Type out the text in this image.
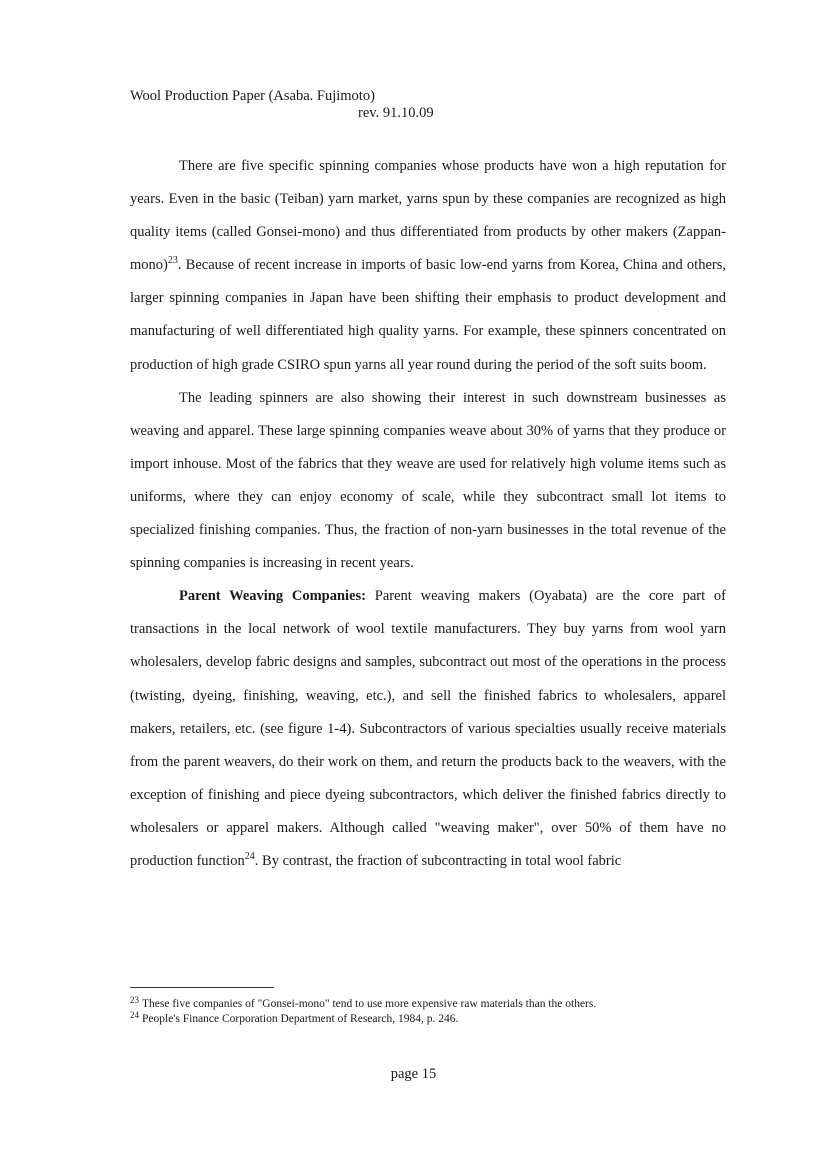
Wool Production Paper (Asaba. Fujimoto)
rev. 91.10.09

There are five specific spinning companies whose products have won a high reputation for years. Even in the basic (Teiban) yarn market, yarns spun by these companies are recognized as high quality items (called Gonsei-mono) and thus differentiated from products by other makers (Zappan-mono)$^{23}$. Because of recent increase in imports of basic low-end yarns from Korea, China and others, larger spinning companies in Japan have been shifting their emphasis to product development and manufacturing of well differentiated high quality yarns. For example, these spinners concentrated on production of high grade CSIRO spun yarns all year round during the period of the soft suits boom.

The leading spinners are also showing their interest in such downstream businesses as weaving and apparel. These large spinning companies weave about 30% of yarns that they produce or import inhouse. Most of the fabrics that they weave are used for relatively high volume items such as uniforms, where they can enjoy economy of scale, while they subcontract small lot items to specialized finishing companies. Thus, the fraction of non-yarn businesses in the total revenue of the spinning companies is increasing in recent years.

Parent Weaving Companies: Parent weaving makers (Oyabata) are the core part of transactions in the local network of wool textile manufacturers. They buy yarns from wool yarn wholesalers, develop fabric designs and samples, subcontract out most of the operations in the process (twisting, dyeing, finishing, weaving, etc.), and sell the finished fabrics to wholesalers, apparel makers, retailers, etc. (see figure 1-4). Subcontractors of various specialties usually receive materials from the parent weavers, do their work on them, and return the products back to the weavers, with the exception of finishing and piece dyeing subcontractors, which deliver the finished fabrics directly to wholesalers or apparel makers. Although called "weaving maker", over 50% of them have no production function$^{24}$. By contrast, the fraction of subcontracting in total wool fabric

$^{23}$ These five companies of "Gonsei-mono" tend to use more expensive raw materials than the others.

$^{24}$ People's Finance Corporation Department of Research, 1984, p. 246.

page 15
